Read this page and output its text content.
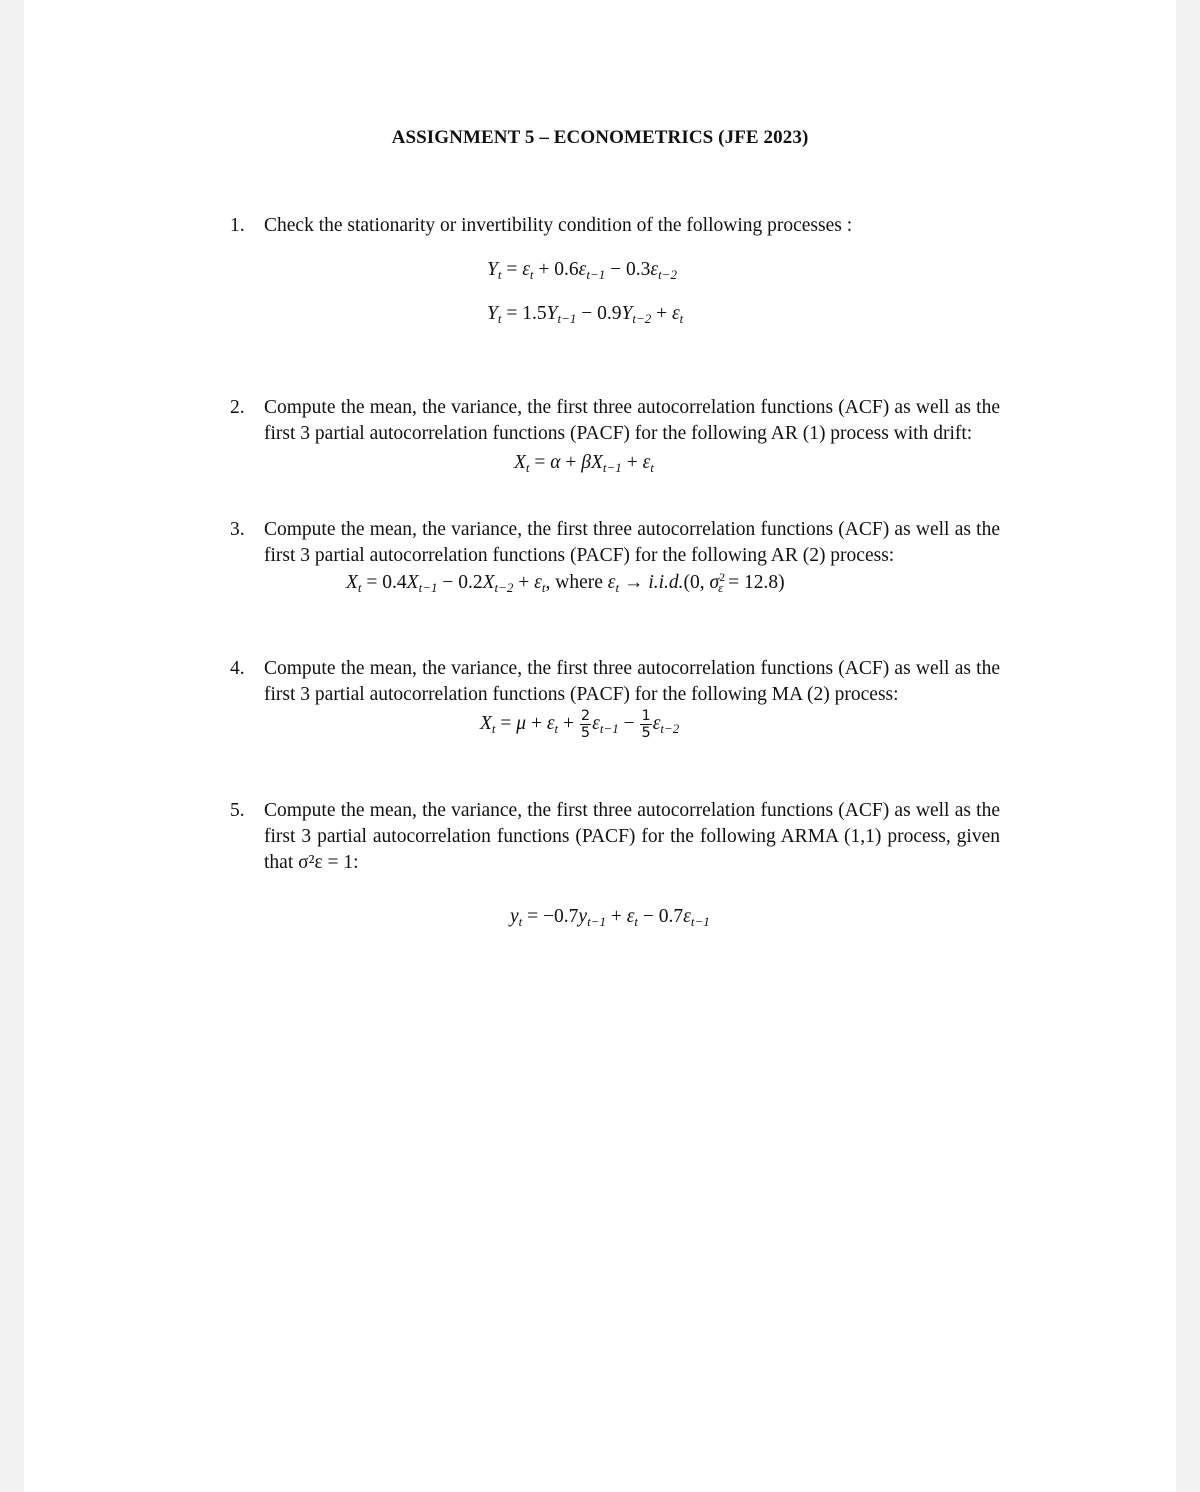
ASSIGNMENT 5 – ECONOMETRICS (JFE 2023)
1. Check the stationarity or invertibility condition of the following processes :
$Y_t = \varepsilon_t + 0.6\varepsilon_{t-1} - 0.3\varepsilon_{t-2}$
$Y_t = 1.5Y_{t-1} - 0.9Y_{t-2} + \varepsilon_t$
2. Compute the mean, the variance, the first three autocorrelation functions (ACF) as well as the first 3 partial autocorrelation functions (PACF) for the following AR (1) process with drift:
$X_t = \alpha + \beta X_{t-1} + \varepsilon_t$
3. Compute the mean, the variance, the first three autocorrelation functions (ACF) as well as the first 3 partial autocorrelation functions (PACF) for the following AR (2) process:
$X_t = 0.4X_{t-1} - 0.2X_{t-2} + \varepsilon_t$, where $\varepsilon_t \to i.i.d.(0$, $\sigma^2_\varepsilon = 12.8$)
4. Compute the mean, the variance, the first three autocorrelation functions (ACF) as well as the first 3 partial autocorrelation functions (PACF) for the following MA (2) process:
$X_t = \mu + \varepsilon_t + \frac{2}{5} \varepsilon_{t-1} - \frac{1}{5} \varepsilon_{t-2}$
5. Compute the mean, the variance, the first three autocorrelation functions (ACF) as well as the first 3 partial autocorrelation functions (PACF) for the following ARMA (1,1) process, given that σ²ε = 1:
$y_t = -0.7y_{t-1} + \varepsilon_t - 0.7\varepsilon_{t-1}$
